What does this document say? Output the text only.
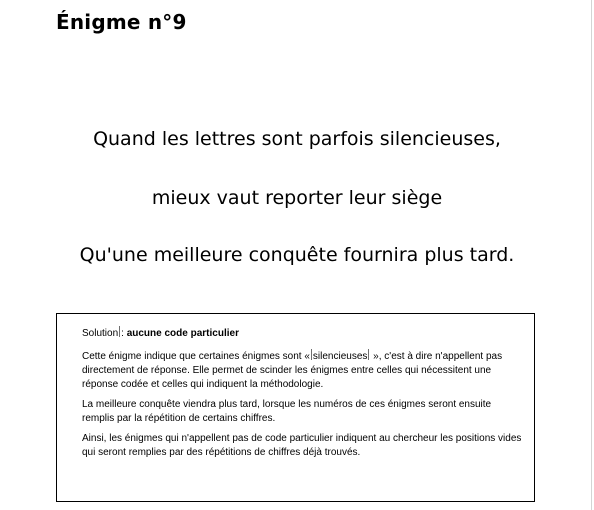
Énigme n°9
Quand les lettres sont parfois silencieuses,
mieux vaut reporter leur siège
Qu'une meilleure conquête fournira plus tard.

Solution : aucune code particulier

Cette énigme indique que certaines énigmes sont « silencieuses », c'est à dire n'appellent pas directement de réponse. Elle permet de scinder les énigmes entre celles qui nécessitent une réponse codée et celles qui indiquent la méthodologie.

La meilleure conquête viendra plus tard, lorsque les numéros de ces énigmes seront ensuite remplis par la répétition de certains chiffres.

Ainsi, les énigmes qui n'appellent pas de code particulier indiquent au chercheur les positions vides qui seront remplies par des répétitions de chiffres déjà trouvés.
